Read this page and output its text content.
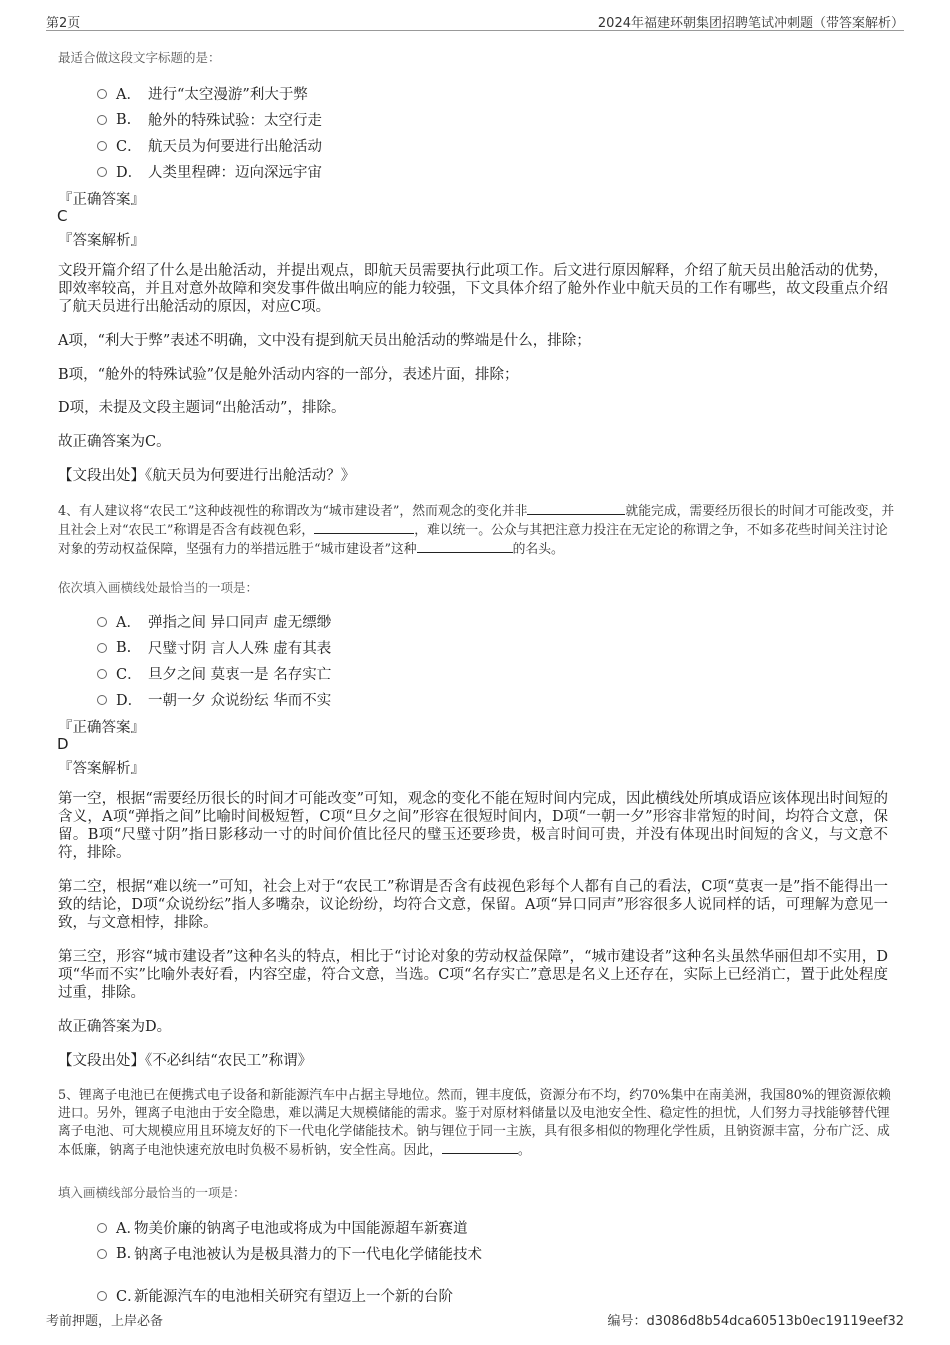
第2页	2024年福建环朝集团招聘笔试冲刺题（带答案解析）
最适合做这段文字标题的是：
A． 进行“太空漫游”利大于弊
B.	舱外的特殊试验：太空行走
C． 航天员为何要进行出舱活动
D． 人类里程碑：迈向深远宇宙
『正确答案』
C
『答案解析』
文段开篇介绍了什么是出舱活动，并提出观点，即航天员需要执行此项工作。后文进行原因解释，介绍了航天员出舱活动的优势，即效率较高，并且对意外故障和突发事件做出响应的能力较强，下文具体介绍了舱外作业中航天员的工作有哪些，故文段重点介绍了航天员进行出舱活动的原因，对应C项。
A项，“利大于弊”表述不明确，文中没有提到航天员出舱活动的弊端是什么，排除；
B项，“舱外的特殊试验”仅是舱外活动内容的一部分，表述片面，排除；
D项，未提及文段主题词“出舱活动”，排除。
故正确答案为C。
【文段出处】《航天员为何要进行出舱活动？》
4、有人建议将“农民工”这种歧视性的称谓改为“城市建设者”，然而观念的变化并非	就能完成，需要经历很长的时间才可能改变，并且社会上对“农民工”称谓是否含有歧视色彩，	，难以统一。公众与其把注意力投注在无定论的称谓之争，不如多花些时间关注讨论对象的劳动权益保障，坚强有力的举措远胜于“城市建设者”这种	的名头。
依次填入画横线处最恰当的一项是：
A． 弹指之间 异口同声 虚无缥缈
B.	尺璧寸阴 言人人殊 虚有其表
C． 旦夕之间 莫衷一是 名存实亡
D． 一朝一夕 众说纷纭 华而不实
『正确答案』
D
『答案解析』
第一空，根据“需要经历很长的时间才可能改变”可知，观念的变化不能在短时间内完成，因此横线处所填成语应该体现出时间短的含义，A项“弹指之间”比喻时间极短暂，C项“旦夕之间”形容在很短时间内，D项“一朝一夕”形容非常短的时间，均符合文意，保留。B项“尺璧寸阴”指日影移动一寸的时间价值比径尺的璧玉还要珍贵，极言时间可贵，并没有体现出时间短的含义，与文意不符，排除。
第二空，根据“难以统一”可知，社会上对于“农民工”称谓是否含有歧视色彩每个人都有自己的看法，C项“莫衷一是”指不能得出一致的结论，D项“众说纷纭”指人多嘴杂，议论纷纷，均符合文意，保留。A项“异口同声”形容很多人说同样的话，可理解为意见一致，与文意相悖，排除。
第三空，形容“城市建设者”这种名头的特点，相比于“讨论对象的劳动权益保障”，“城市建设者”这种名头虽然华丽但却不实用，D项“华而不实”比喻外表好看，内容空虚，符合文意，当选。C项“名存实亡”意思是名义上还存在，实际上已经消亡，置于此处程度过重，排除。
故正确答案为D。
【文段出处】《不必纠结“农民工”称谓》
5、锂离子电池已在便携式电子设备和新能源汽车中占据主导地位。然而，锂丰度低，资源分布不均，约70%集中在南美洲，我国80%的锂资源依赖进口。另外，锂离子电池由于安全隐患，难以满足大规模储能的需求。鉴于对原材料储量以及电池安全性、稳定性的担忧，人们努力寻找能够替代锂离子电池、可大规模应用且环境友好的下一代电化学储能技术。钠与锂位于同一主族，具有很多相似的物理化学性质，且钠资源丰富，分布广泛、成本低廉，钠离子电池快速充放电时负极不易析钠，安全性高。因此，	。
填入画横线部分最恰当的一项是：
A．
物美价廉的钠离子电池或将成为中国能源超车新赛道
B. 钠离子电池被认为是极具潜力的下一代电化学储能技术
C．
新能源汽车的电池相关研究有望迈上一个新的台阶
考前押题，上岸必备	编号：d3086d8b54dca60513b0ec19119eef32
